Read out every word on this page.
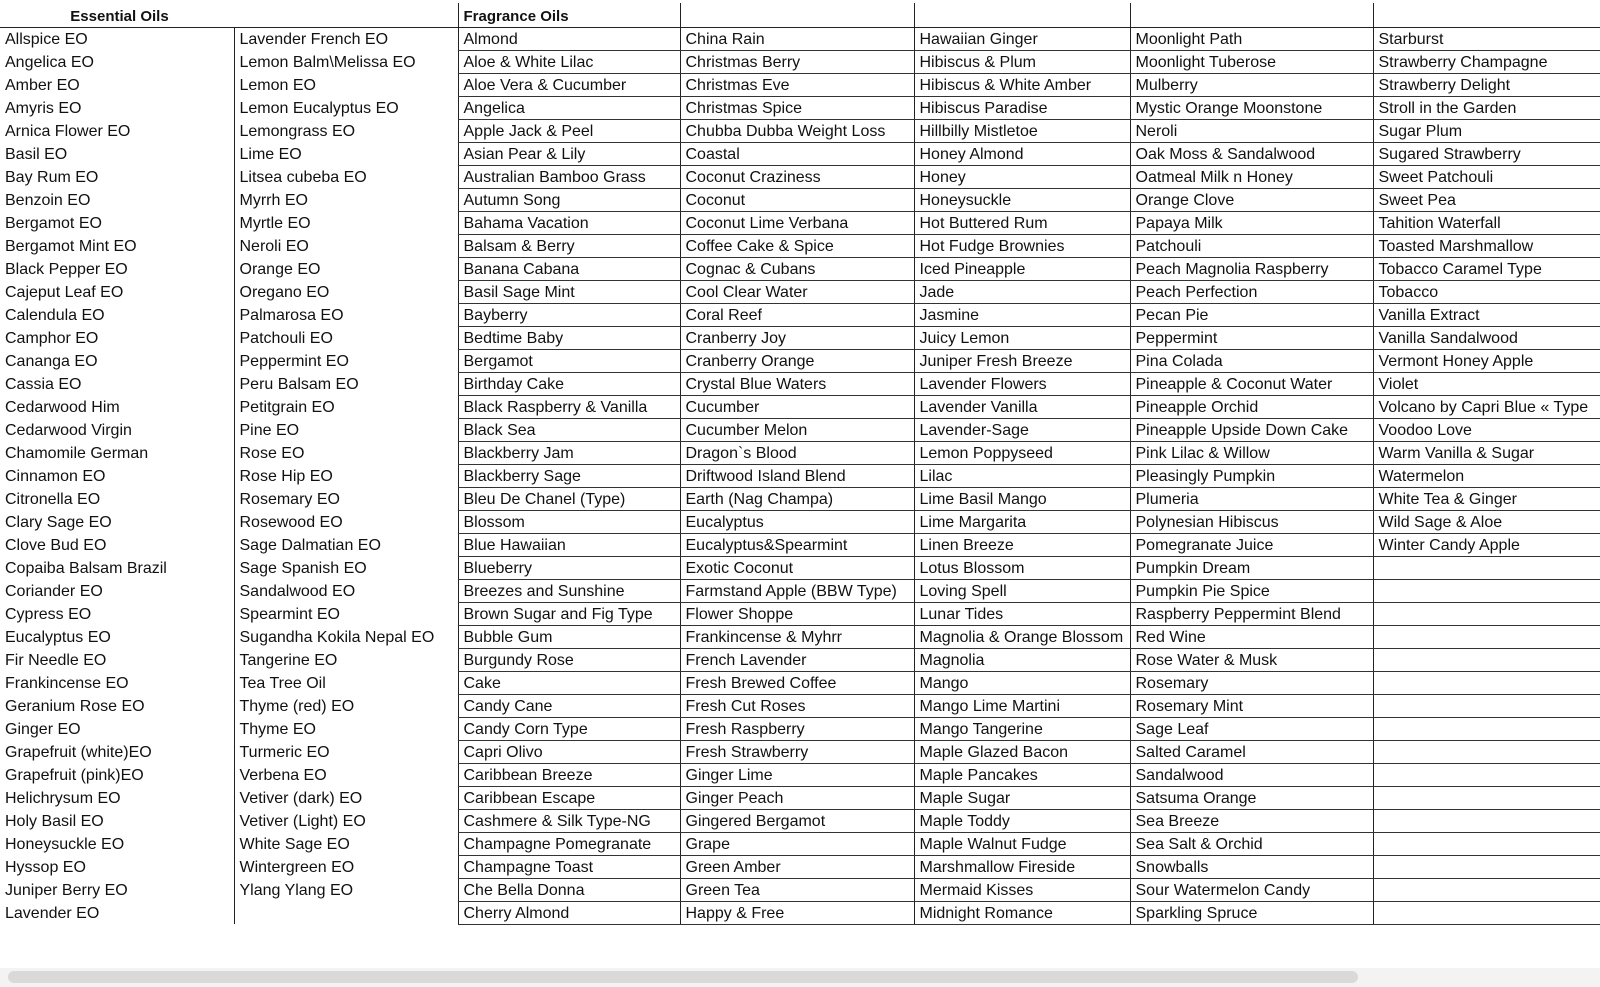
Essential Oils		Fragrance Oils				
Allspice EO	Lavender French EO	Almond	China Rain	Hawaiian Ginger	Moonlight Path	Starburst
Angelica EO	Lemon Balm\Melissa EO	Aloe & White Lilac	Christmas Berry	Hibiscus & Plum	Moonlight Tuberose	Strawberry Champagne
Amber EO	Lemon EO	Aloe Vera & Cucumber	Christmas Eve	Hibiscus & White Amber	Mulberry	Strawberry Delight
Amyris EO	Lemon Eucalyptus EO	Angelica	Christmas Spice	Hibiscus Paradise	Mystic Orange Moonstone	Stroll in the Garden
Arnica Flower EO	Lemongrass EO	Apple Jack & Peel	Chubba Dubba Weight Loss	Hillbilly Mistletoe	Neroli	Sugar Plum
Basil EO	Lime EO	Asian Pear & Lily	Coastal	Honey Almond	Oak Moss & Sandalwood	Sugared Strawberry
Bay Rum EO	Litsea cubeba EO	Australian Bamboo Grass	Coconut Craziness	Honey	Oatmeal Milk n Honey	Sweet Patchouli
Benzoin EO	Myrrh EO	Autumn Song	Coconut	Honeysuckle	Orange Clove	Sweet Pea
Bergamot EO	Myrtle EO	Bahama Vacation	Coconut Lime Verbana	Hot Buttered Rum	Papaya Milk	Tahition Waterfall
Bergamot Mint EO	Neroli EO	Balsam & Berry	Coffee Cake & Spice	Hot Fudge Brownies	Patchouli	Toasted Marshmallow
Black Pepper EO	Orange EO	Banana Cabana	Cognac & Cubans	Iced Pineapple	Peach Magnolia Raspberry	Tobacco Caramel Type
Cajeput Leaf EO	Oregano EO	Basil Sage Mint	Cool Clear Water	Jade	Peach Perfection	Tobacco
Calendula EO	Palmarosa EO	Bayberry	Coral Reef	Jasmine	Pecan Pie	Vanilla Extract
Camphor EO	Patchouli EO	Bedtime Baby	Cranberry Joy	Juicy Lemon	Peppermint	Vanilla Sandalwood
Cananga EO	Peppermint EO	Bergamot	Cranberry Orange	Juniper Fresh Breeze	Pina Colada	Vermont Honey Apple
Cassia EO	Peru Balsam EO	Birthday Cake	Crystal Blue Waters	Lavender Flowers	Pineapple & Coconut Water	Violet
Cedarwood Him	Petitgrain EO	Black Raspberry & Vanilla	Cucumber	Lavender Vanilla	Pineapple Orchid	Volcano by Capri Blue « Type
Cedarwood Virgin	Pine EO	Black Sea	Cucumber Melon	Lavender-Sage	Pineapple Upside Down Cake	Voodoo Love
Chamomile German	Rose EO	Blackberry Jam	Dragon`s Blood	Lemon Poppyseed	Pink Lilac & Willow	Warm Vanilla & Sugar
Cinnamon EO	Rose Hip EO	Blackberry Sage	Driftwood Island Blend	Lilac	Pleasingly Pumpkin	Watermelon
Citronella EO	Rosemary EO	Bleu De Chanel (Type)	Earth (Nag Champa)	Lime Basil Mango	Plumeria	White Tea & Ginger
Clary Sage EO	Rosewood EO	Blossom	Eucalyptus	Lime Margarita	Polynesian Hibiscus	Wild Sage & Aloe
Clove Bud EO	Sage Dalmatian EO	Blue Hawaiian	Eucalyptus&Spearmint	Linen Breeze	Pomegranate Juice	Winter Candy Apple
Copaiba Balsam Brazil	Sage Spanish EO	Blueberry	Exotic Coconut	Lotus Blossom	Pumpkin Dream	
Coriander EO	Sandalwood EO	Breezes and Sunshine	Farmstand Apple (BBW Type)	Loving Spell	Pumpkin Pie Spice	
Cypress EO	Spearmint EO	Brown Sugar and Fig Type	Flower Shoppe	Lunar Tides	Raspberry Peppermint Blend	
Eucalyptus EO	Sugandha Kokila Nepal EO	Bubble Gum	Frankincense & Myhrr	Magnolia & Orange Blossom	Red Wine	
Fir Needle EO	Tangerine EO	Burgundy Rose	French Lavender	Magnolia	Rose Water & Musk	
Frankincense EO	Tea Tree Oil	Cake	Fresh Brewed Coffee	Mango	Rosemary	
Geranium Rose EO	Thyme (red) EO	Candy Cane	Fresh Cut Roses	Mango Lime Martini	Rosemary Mint	
Ginger EO	Thyme EO	Candy Corn Type	Fresh Raspberry	Mango Tangerine	Sage Leaf	
Grapefruit (white)EO	Turmeric EO	Capri Olivo	Fresh Strawberry	Maple Glazed Bacon	Salted Caramel	
Grapefruit (pink)EO	Verbena EO	Caribbean Breeze	Ginger Lime	Maple Pancakes	Sandalwood	
Helichrysum EO	Vetiver (dark) EO	Caribbean Escape	Ginger Peach	Maple Sugar	Satsuma Orange	
Holy Basil EO	Vetiver (Light) EO	Cashmere & Silk Type-NG	Gingered Bergamot	Maple Toddy	Sea Breeze	
Honeysuckle EO	White Sage EO	Champagne Pomegranate	Grape	Maple Walnut Fudge	Sea Salt & Orchid	
Hyssop EO	Wintergreen EO	Champagne Toast	Green Amber	Marshmallow Fireside	Snowballs	
Juniper Berry EO	Ylang Ylang EO	Che Bella Donna	Green Tea	Mermaid Kisses	Sour Watermelon Candy	
Lavender EO		Cherry Almond	Happy & Free	Midnight Romance	Sparkling Spruce	
